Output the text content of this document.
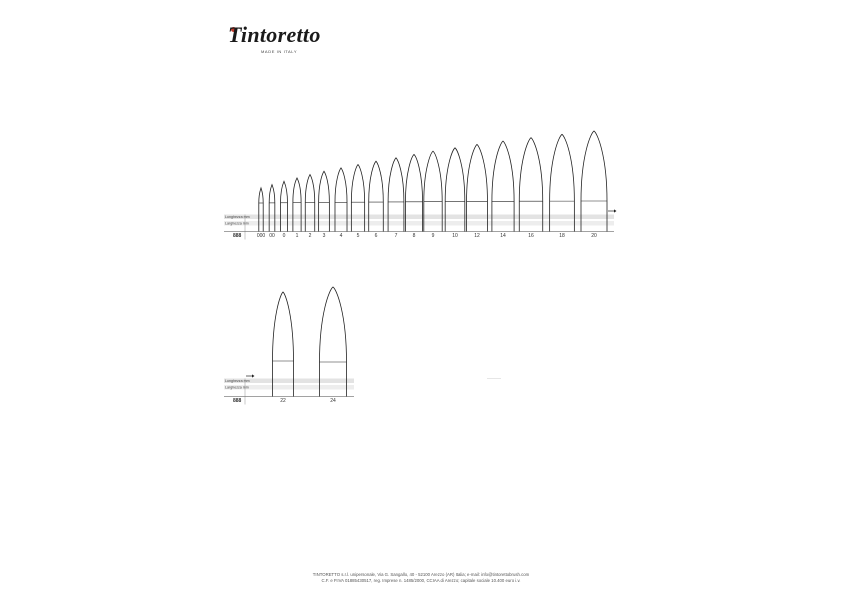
Tintoretto
MADE IN ITALY
Lunghezza mm
Larghezza mm
888	000 00 0 1 2 3	4	5	6	7	8	9	10	12	14	16	18	20
Lunghezza mm
Larghezza mm
888	22	24
TINTORETTO s.r.l. unipersonale, Via G. Sangallo, 40 - 52100 Arezzo (AR) Italia; e-mail: info@tintorettobrush.com
C.F. e P.IVA 01885430517, reg. Imprese n. 1485/2000, CCIAA di Arezzo; capitale sociale 10.400 euro i.v.
